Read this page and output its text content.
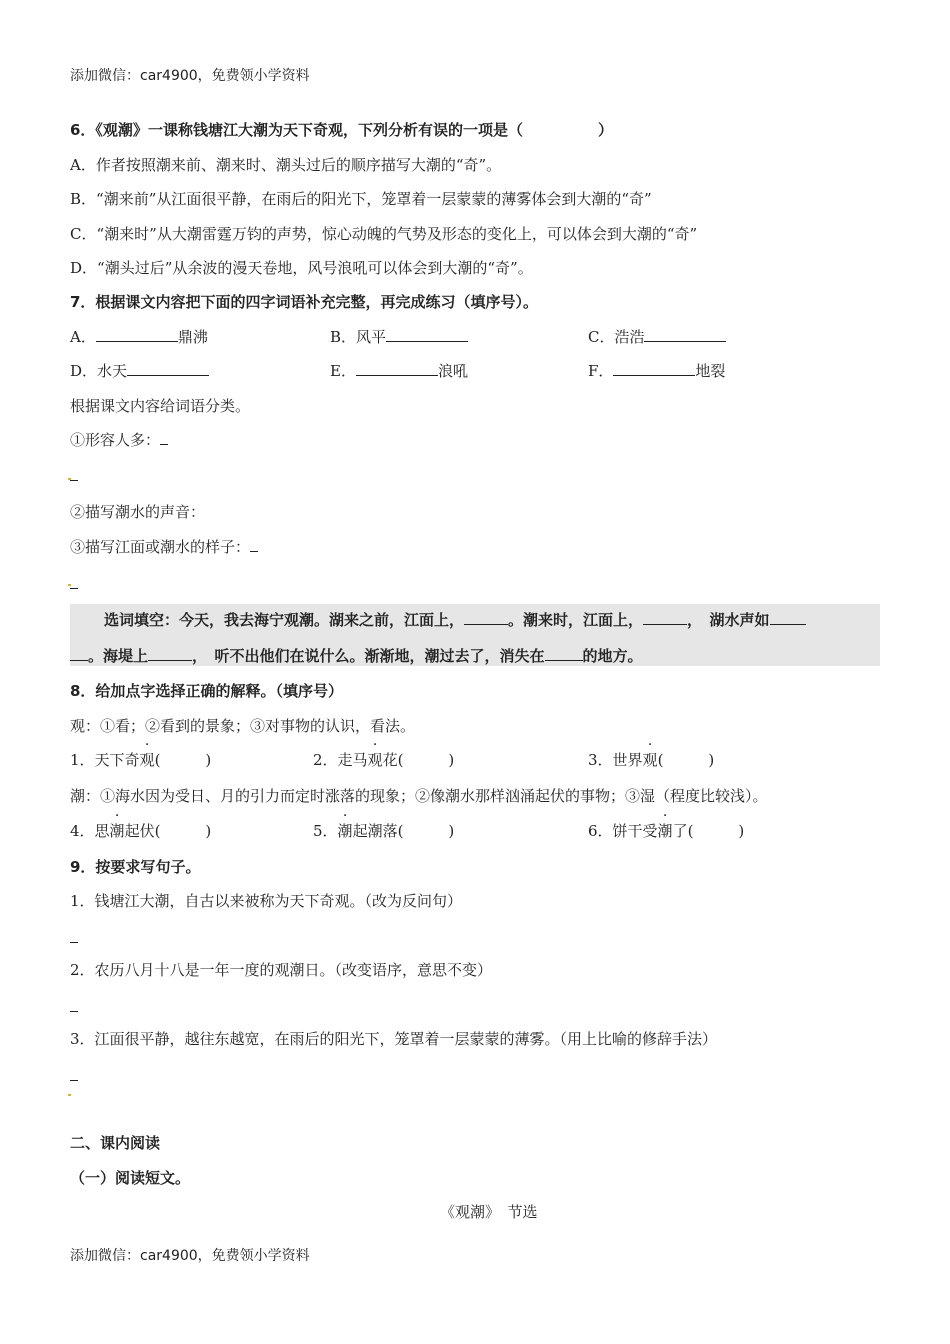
添加微信：car4900，免费领小学资料
6．《观潮》一课称钱塘江大潮为天下奇观，下列分析有误的一项是（　　　　　）
A．作者按照潮来前、潮来时、潮头过后的顺序描写大潮的“奇”。
B．“潮来前”从江面很平静，在雨后的阳光下，笼罩着一层蒙蒙的薄雾体会到大潮的“奇”
C．“潮来时”从大潮雷霆万钧的声势，惊心动魄的气势及形态的变化上，可以体会到大潮的“奇”
D．“潮头过后”从余波的漫天卷地，风号浪吼可以体会到大潮的“奇”。
7．根据课文内容把下面的四字词语补充完整，再完成练习（填序号）。
A．	鼎沸	B．风平	C．浩浩
D．水天	E．	浪吼	F．	地裂
根据课文内容给词语分类。
①形容人多：
②描写潮水的声音：
③描写江面或潮水的样子：
选词填空：今天，我去海宁观潮。湖来之前，江面上，	。潮来时，江面上，	，　湖水声如
。海堤上	，　听不出他们在说什么。渐渐地，潮过去了，消失在	的地方。
8．给加点字选择正确的解释。（填序号）
观：①看；②看到的景象；③对事物的认识，看法。
1．天下奇观(　　　)	2．走马观花(　　　)	3．世界观(　　　)
潮：①海水因为受日、月的引力而定时涨落的现象；②像潮水那样汹涌起伏的事物；③湿（程度比较浅）。
4．思潮起伏(　　　)	5．潮起潮落(　　　)	6．饼干受潮了(　　　)
9．按要求写句子。
1．钱塘江大潮，自古以来被称为天下奇观。（改为反问句）
2．农历八月十八是一年一度的观潮日。（改变语序，意思不变）
3．江面很平静，越往东越宽，在雨后的阳光下，笼罩着一层蒙蒙的薄雾。（用上比喻的修辞手法）
二、课内阅读
（一）阅读短文。
《观潮》　节选
添加微信：car4900，免费领小学资料
